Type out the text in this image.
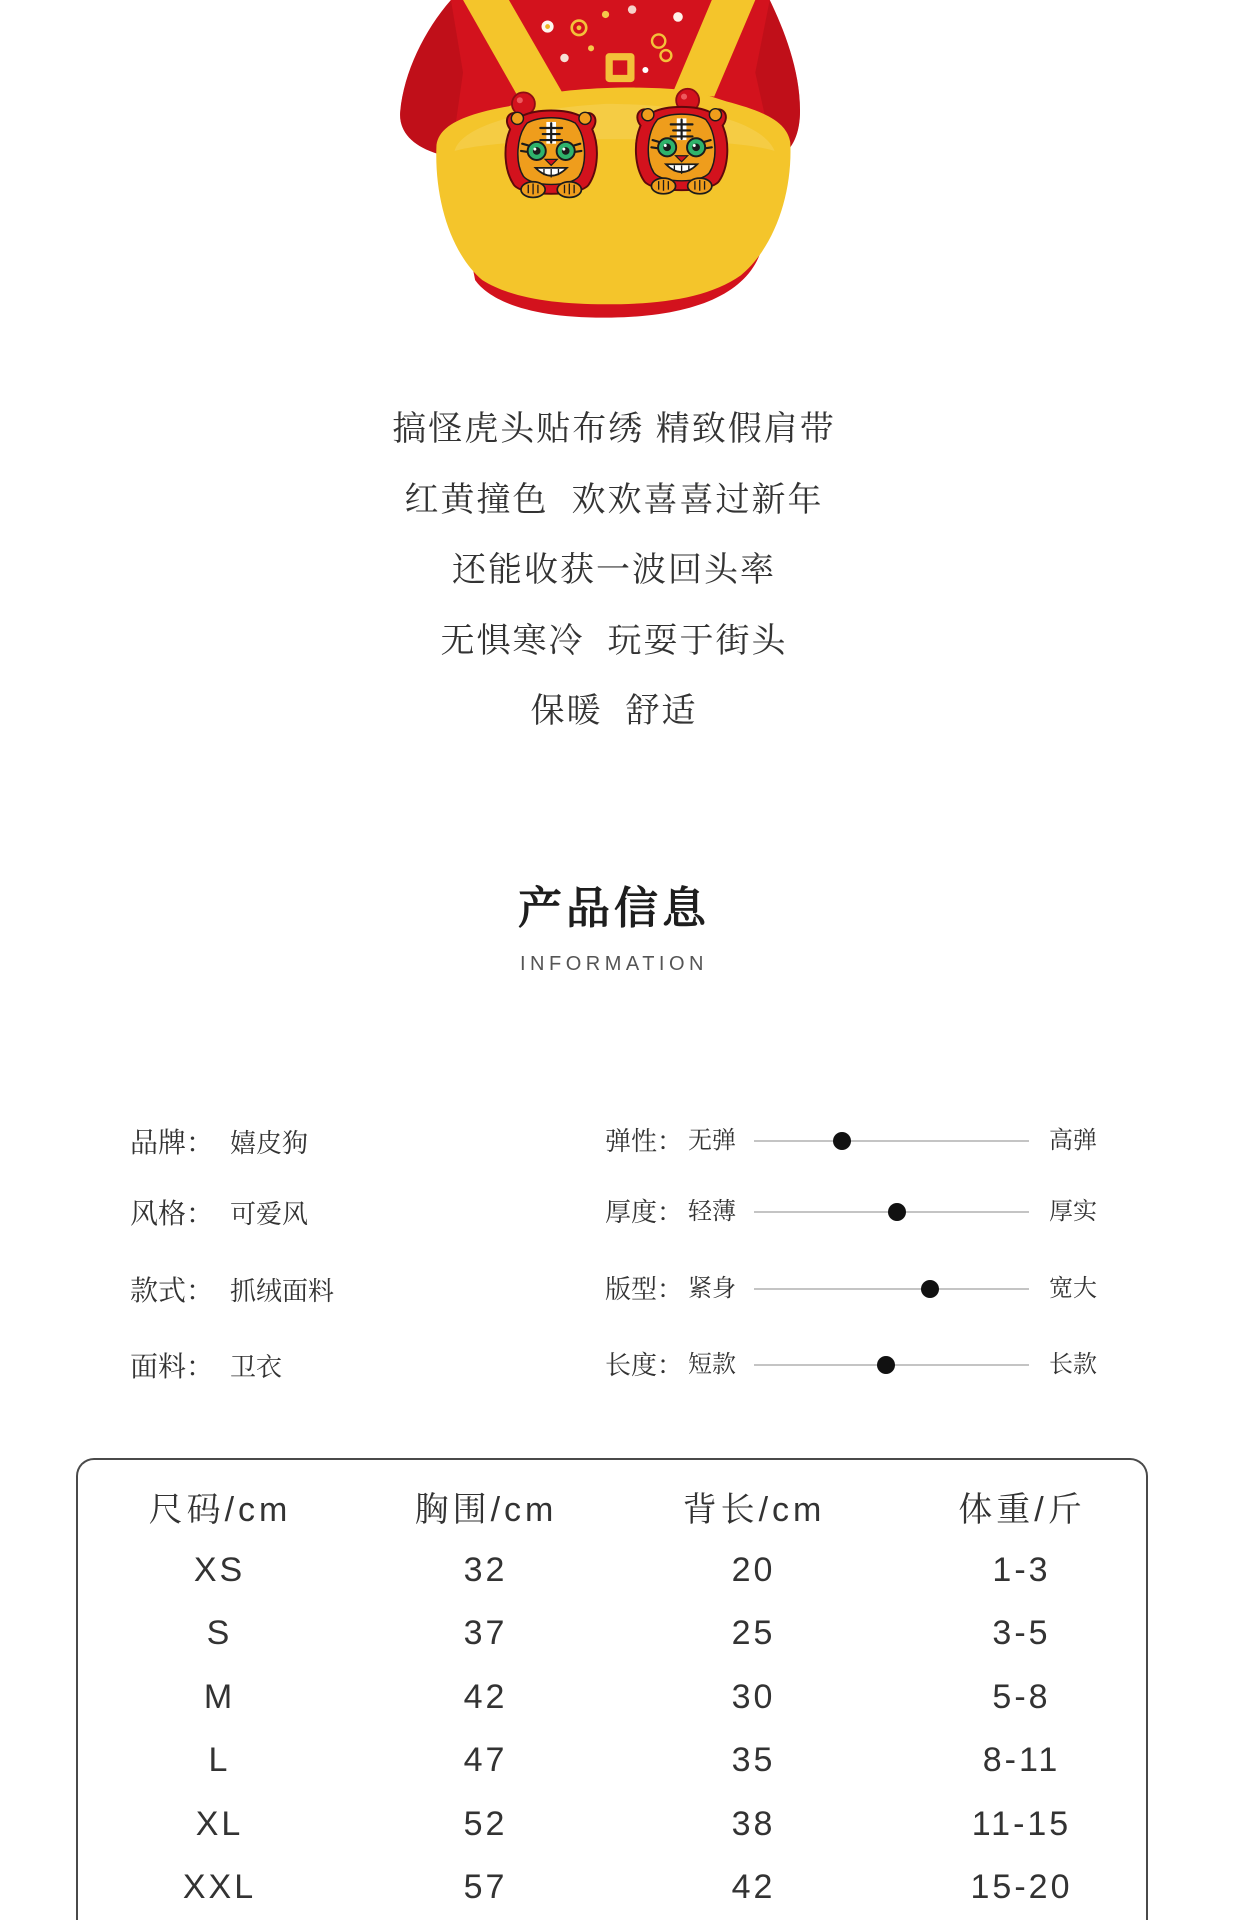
搞怪虎头贴布绣 精致假肩带
红黄撞色  欢欢喜喜过新年
还能收获一波回头率
无惧寒冷  玩耍于街头
保暖  舒适
产品信息
INFORMATION
品牌： 嬉皮狗
风格： 可爱风
款式： 抓绒面料
面料： 卫衣
弹性： 无弹	高弹
厚度： 轻薄	厚实
版型： 紧身	宽大
长度： 短款	长款
尺码/cm	胸围/cm	背长/cm	体重/斤
XS	32	20	1-3
S	37	25	3-5
M	42	30	5-8
L	47	35	8-11
XL	52	38	11-15
XXL	57	42	15-20
